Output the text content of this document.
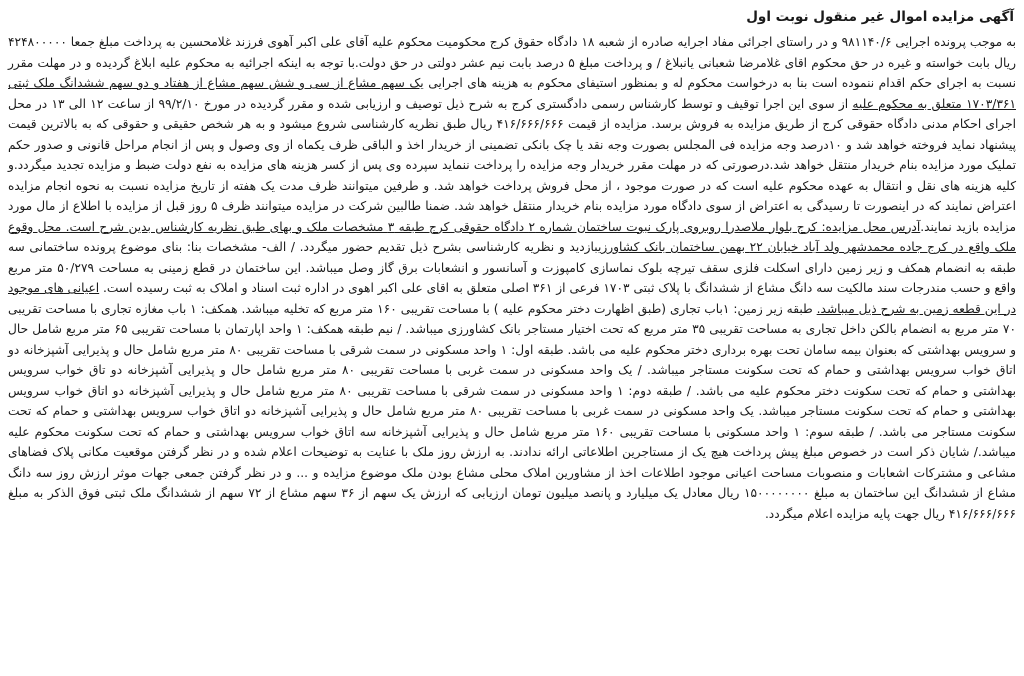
آگهی مزایده اموال غیر منقول نوبت اول

به موجب پرونده اجرایی ۹۸۱۱۴۰/۶ و در راستای اجرائی مفاد اجرایه صادره از شعبه ۱۸ دادگاه حقوق کرج محکومیت محکوم علیه آقای علی اکبر آهوی فرزند غلامحسین به پرداخت مبلغ جمعا ۴۲۴۸۰۰۰۰۰ ریال بابت خواسته و غیره در حق محکوم اقای غلامرضا شعبانی یانبلاغ / و پرداخت مبلغ ۵ درصد بابت نیم عشر دولتی در حق دولت.با توجه به اینکه اجرائیه به محکوم علیه ابلاغ گردیده و در مهلت مقرر نسبت به اجرای حکم اقدام ننموده است بنا به درخواست محکوم له و بمنظور استیفای محکوم به هزینه های اجرایی یک سهم مشاع از سی و شش سهم مشاع از هفتاد و دو سهم ششدانگ ملک ثبتی ۱۷۰۳/۳۶۱ متعلق به محکوم علیه از سوی این اجرا توقیف و توسط کارشناس رسمی دادگستری کرج به شرح ذیل توصیف و ارزیابی شده و مقرر گردیده در مورخ ۹۹/۲/۱۰ از ساعت ۱۲ الی ۱۳ در محل اجرای احکام مدنی دادگاه حقوقی کرج از طریق مزایده به فروش برسد. مزایده از قیمت ۴۱۶/۶۶۶/۶۶۶ ریال طبق نظریه کارشناسی شروع میشود و به هر شخص حقیقی و حقوقی که به بالاترین قیمت پیشنهاد نماید فروخته خواهد شد و ۱۰درصد وجه مزایده فی المجلس بصورت وجه نقد یا چک بانکی تضمینی از خریدار اخذ و الباقی ظرف یکماه از وی وصول و پس از انجام مراحل قانونی و صدور حکم تملیک مورد مزایده بنام خریدار منتقل خواهد شد.درصورتی که در مهلت مقرر خریدار وجه مزایده را پرداخت ننماید سپرده وی پس از کسر هزینه های مزایده به نفع دولت ضبط و مزایده تجدید میگردد.و کلیه هزینه های نقل و انتقال به عهده محکوم علیه است که در صورت موجود ، از محل فروش پرداخت خواهد شد. و طرفین میتوانند ظرف مدت یک هفته از تاریخ مزایده نسبت به نحوه انجام مزایده اعتراض نمایند که در اینصورت تا رسیدگی به اعتراض از سوی دادگاه مورد مزایده بنام خریدار منتقل خواهد شد. ضمنا طالبین شرکت در مزایده میتوانند ظرف ۵ روز قبل از مزایده با اطلاع از مال مورد مزایده بازید نمایند.آدرس محل مزایده: کرج بلوار ملاصدرا روبروی پارک نبوت ساختمان شماره ۲ دادگاه حقوقی کرج طبقه ۳ مشخصات ملک و بهای طبق نظریه کارشناس بدین شرح است. محل وقوع ملک واقع در کرج جاده محمدشهر ولد آباد خیابان ۲۲ بهمن ساختمان بانک کشاورزیبازدید و نظریه کارشناسی بشرح ذیل تقدیم حضور میگردد. / الف- مشخصات بنا: بنای موضوع پرونده ساختمانی سه طبقه به انضمام همکف و زیر زمین دارای اسکلت فلزی سقف تیرچه بلوک نماسازی کامپوزت و آسانسور و انشعابات برق گاز وصل میباشد. این ساختمان در قطع زمینی به مساحت ۵۰/۲۷۹ متر مربع واقع و حسب مندرجات سند مالکیت سه دانگ مشاع از ششدانگ با پلاک ثبتی ۱۷۰۳ فرعی از ۳۶۱ اصلی متعلق به اقای علی اکبر اهوی در اداره ثبت اسناد و املاک به ثبت رسیده است. اعیانی های موجود در این قطعه زمین به شرح ذیل میباشد. طبقه زیر زمین: ۱باب تجاری (طبق اظهارت دختر محکوم علیه ) با مساحت تقریبی ۱۶۰ متر مربع که تخلیه میباشد. همکف: ۱ باب مغازه تجاری با مساحت تقریبی ۷۰ متر مربع به انضمام بالکن داخل تجاری به مساحت تقریبی ۳۵ متر مربع که تحت اختیار مستاجر بانک کشاورزی میباشد. / نیم طبقه همکف: ۱ واحد اپارتمان با مساحت تقریبی ۶۵ متر مربع شامل حال و سرویس بهداشتی که بعنوان بیمه سامان تحت بهره برداری دختر محکوم علیه می باشد. طبقه اول: ۱ واحد مسکونی در سمت شرقی با مساحت تقریبی ۸۰ متر مربع شامل حال و پذیرایی آشپزخانه دو اتاق خواب سرویس بهداشتی و حمام که تحت سکونت مستاجر میباشد. / یک واحد مسکونی در سمت غربی با مساحت تقریبی ۸۰ متر مربع شامل حال و پذیرایی آشپزخانه دو تاق خواب سرویس بهداشتی و حمام که تحت سکونت دختر محکوم علیه می باشد. / طبقه دوم: ۱ واحد مسکونی در سمت شرقی با مساحت تقریبی ۸۰ متر مربع شامل حال و پذیرایی آشپزخانه دو اتاق خواب سرویس بهداشتی و حمام که تحت سکونت مستاجر میباشد. یک واحد مسکونی در سمت غربی با مساحت تقریبی ۸۰ متر مربع شامل حال و پذیرایی آشپزخانه دو اتاق خواب سرویس بهداشتی و حمام که تحت سکونت مستاجر می باشد. / طبقه سوم: ۱ واحد مسکونی با مساحت تقریبی ۱۶۰ متر مربع شامل حال و پذیرایی آشپزخانه سه اتاق خواب سرویس بهداشتی و حمام که تحت سکونت محکوم علیه میباشد./ شایان ذکر است در خصوص مبلغ پیش پرداخت هیچ یک از مستاجرین اطلاعاتی ارائه ندادند. به ارزش روز ملک با عنایت به توضیحات اعلام شده و در نظر گرفتن موقعیت مکانی پلاک فضاهای مشاعی و مشترکات اشعابات و منصوبات مساحت اعیانی موجود اطلاعات اخذ از مشاورین املاک محلی مشاع بودن ملک موضوع مزایده و ... و در نظر گرفتن جمعی جهات موثر ارزش روز سه دانگ مشاع از ششدانگ این ساختمان به مبلغ ۱۵۰۰۰۰۰۰۰۰ ریال معادل یک میلیارد و پانصد میلیون تومان ارزیابی که ارزش یک سهم از ۳۶ سهم مشاع از ۷۲ سهم از ششدانگ ملک ثبتی فوق الذکر به مبلغ ۴۱۶/۶۶۶/۶۶۶ ریال جهت پایه مزایده اعلام میگردد.
